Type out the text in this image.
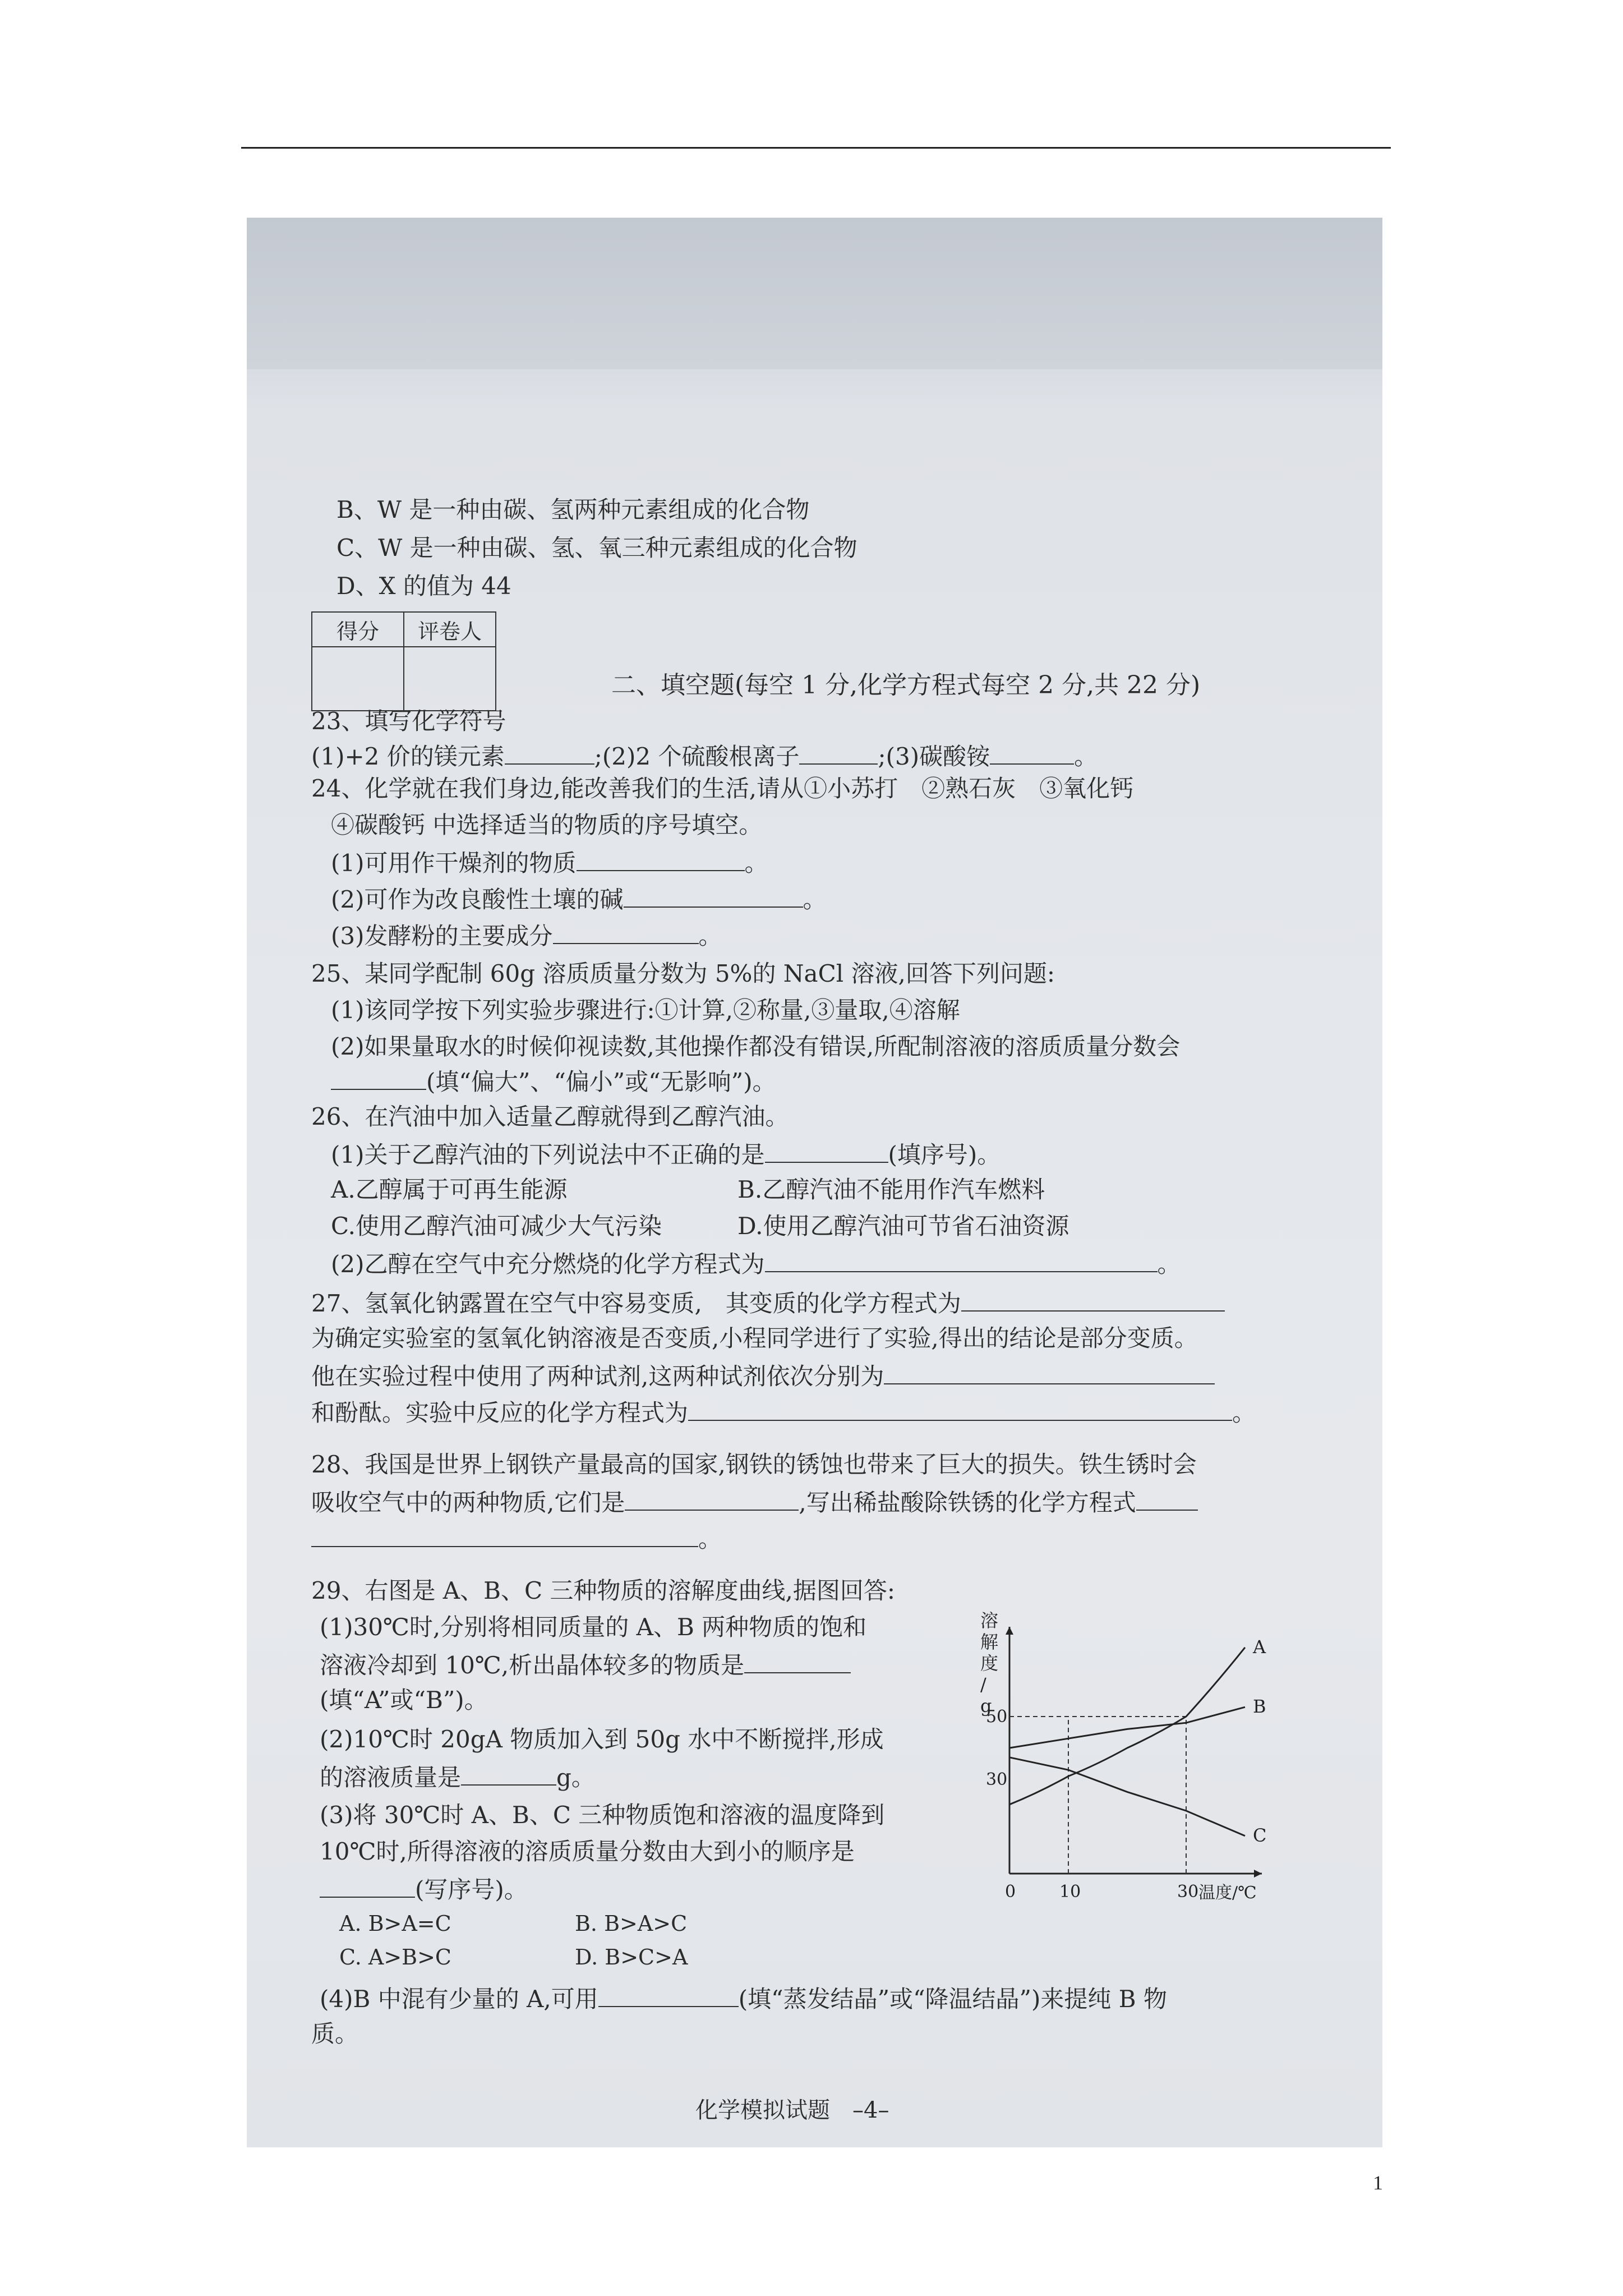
B、W 是一种由碳、氢两种元素组成的化合物
C、W 是一种由碳、氢、氧三种元素组成的化合物
D、X 的值为 44
得分	评卷人

二、填空题(每空 1 分,化学方程式每空 2 分,共 22 分)
23、填写化学符号
(1)+2 价的镁元素	;(2)2 个硫酸根离子	;(3)碳酸铵	。
24、化学就在我们身边,能改善我们的生活,请从①小苏打　②熟石灰　③氧化钙
④碳酸钙 中选择适当的物质的序号填空。
(1)可用作干燥剂的物质	。
(2)可作为改良酸性土壤的碱	。
(3)发酵粉的主要成分	。
25、某同学配制 60g 溶质质量分数为 5%的 NaCl 溶液,回答下列问题:
(1)该同学按下列实验步骤进行:①计算,②称量,③量取,④溶解
(2)如果量取水的时候仰视读数,其他操作都没有错误,所配制溶液的溶质质量分数会
(填“偏大”、“偏小”或“无影响”)。
26、在汽油中加入适量乙醇就得到乙醇汽油。
(1)关于乙醇汽油的下列说法中不正确的是	(填序号)。
A.乙醇属于可再生能源	B.乙醇汽油不能用作汽车燃料
C.使用乙醇汽油可减少大气污染	D.使用乙醇汽油可节省石油资源
(2)乙醇在空气中充分燃烧的化学方程式为	。
27、氢氧化钠露置在空气中容易变质,　其变质的化学方程式为
为确定实验室的氢氧化钠溶液是否变质,小程同学进行了实验,得出的结论是部分变质。
他在实验过程中使用了两种试剂,这两种试剂依次分别为
和酚酞。实验中反应的化学方程式为	。
28、我国是世界上钢铁产量最高的国家,钢铁的锈蚀也带来了巨大的损失。铁生锈时会
吸收空气中的两种物质,它们是	,写出稀盐酸除铁锈的化学方程式
。
29、右图是 A、B、C 三种物质的溶解度曲线,据图回答:
(1)30℃时,分别将相同质量的 A、B 两种物质的饱和
溶液冷却到 10℃,析出晶体较多的物质是
(填“A”或“B”)。
(2)10℃时 20gA 物质加入到 50g 水中不断搅拌,形成
的溶液质量是	g。
(3)将 30℃时 A、B、C 三种物质饱和溶液的温度降到
10℃时,所得溶液的溶质质量分数由大到小的顺序是
(写序号)。
A. B>A=C	B. B>A>C
溶
解
度
/
g
0	10	30 温度/℃
30
50
A
B
C
化学模拟试题　–4–
1
C. A>B>C	D. B>C>A
(4)B 中混有少量的 A,可用	(填“蒸发结晶”或“降温结晶”)来提纯 B 物
质。
